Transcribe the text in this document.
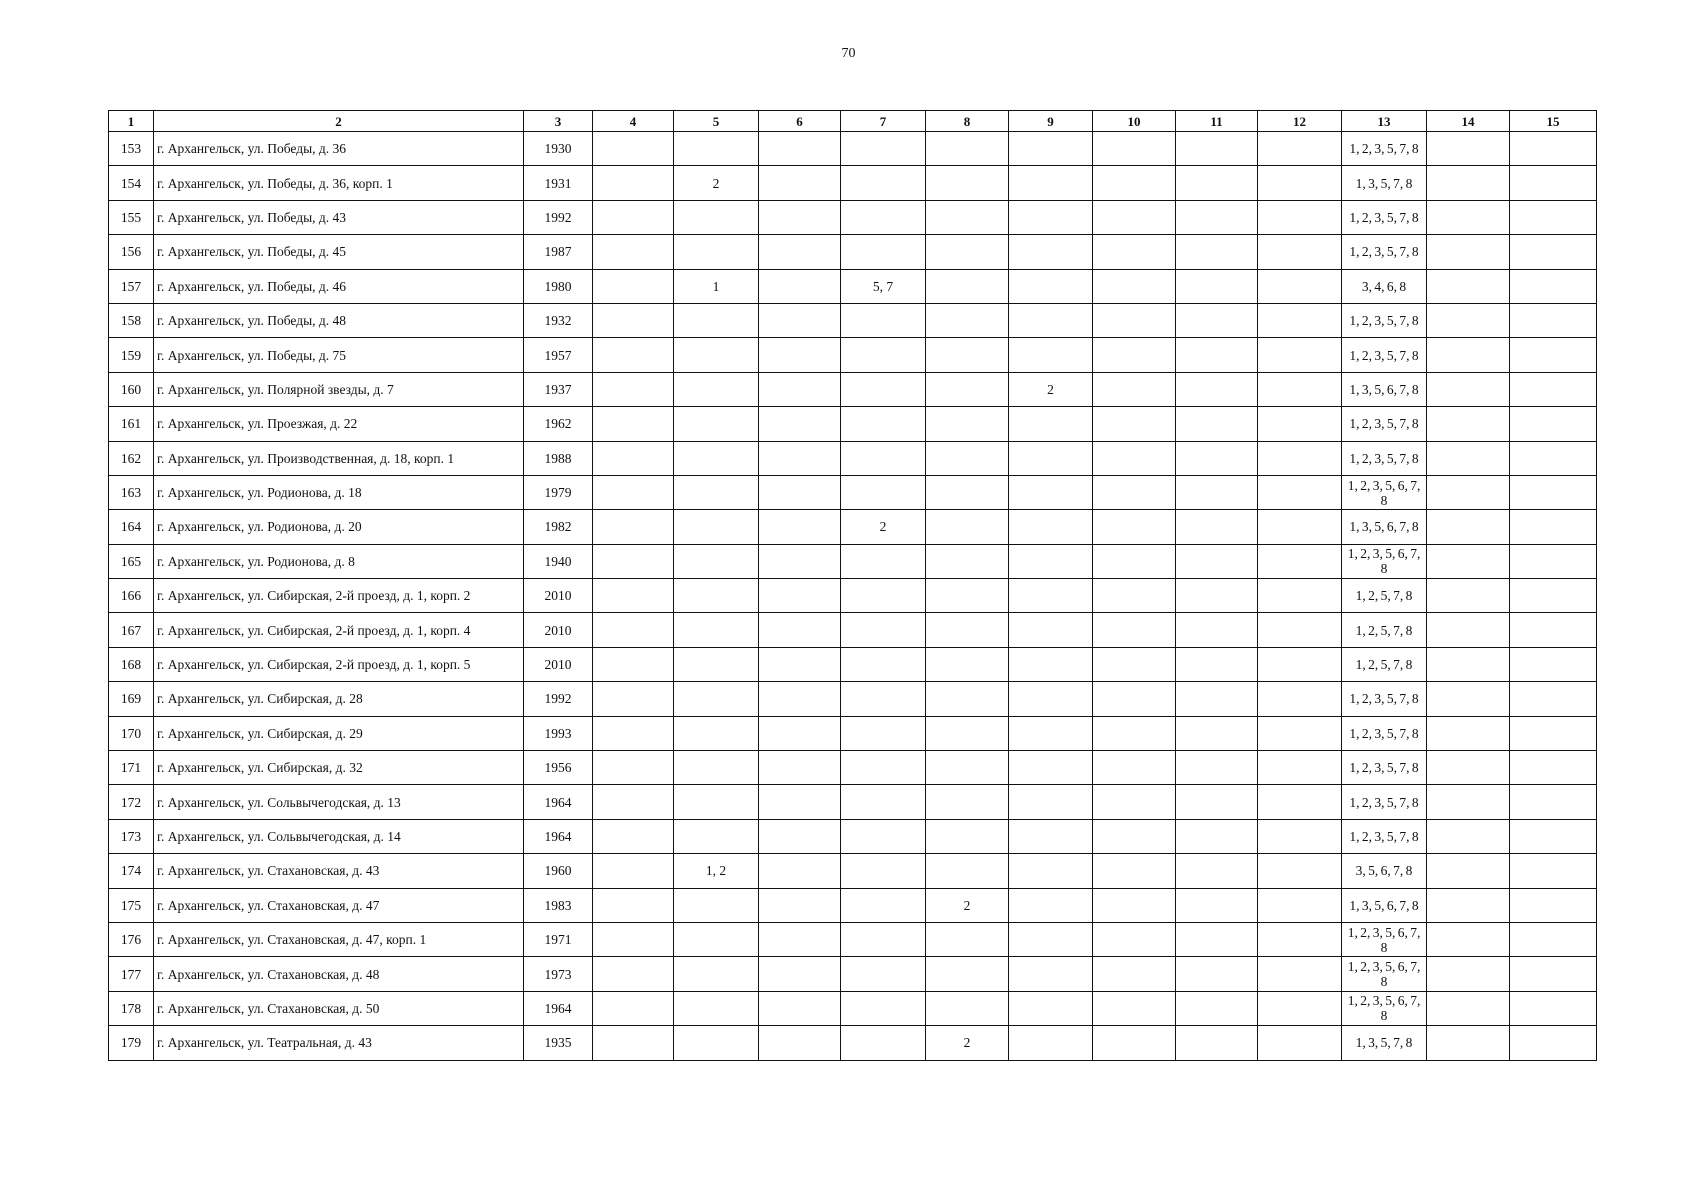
70
1	2	3	4	5	6	7	8	9	10	11	12	13	14	15
153	г. Архангельск, ул. Победы, д. 36	1930										1, 2, 3, 5, 7, 8		
154	г. Архангельск, ул. Победы, д. 36, корп. 1	1931		2								1, 3, 5, 7, 8		
155	г. Архангельск, ул. Победы, д. 43	1992										1, 2, 3, 5, 7, 8		
156	г. Архангельск, ул. Победы, д. 45	1987										1, 2, 3, 5, 7, 8		
157	г. Архангельск, ул. Победы, д. 46	1980		1		5, 7						3, 4, 6, 8		
158	г. Архангельск, ул. Победы, д. 48	1932										1, 2, 3, 5, 7, 8		
159	г. Архангельск, ул. Победы, д. 75	1957										1, 2, 3, 5, 7, 8		
160	г. Архангельск, ул. Полярной звезды, д. 7	1937						2				1, 3, 5, 6, 7, 8		
161	г. Архангельск, ул. Проезжая, д. 22	1962										1, 2, 3, 5, 7, 8		
162	г. Архангельск, ул. Производственная, д. 18, корп. 1	1988										1, 2, 3, 5, 7, 8		
163	г. Архангельск, ул. Родионова, д. 18	1979										1, 2, 3, 5, 6, 7, 8		
164	г. Архангельск, ул. Родионова, д. 20	1982				2						1, 3, 5, 6, 7, 8		
165	г. Архангельск, ул. Родионова, д. 8	1940										1, 2, 3, 5, 6, 7, 8		
166	г. Архангельск, ул. Сибирская, 2-й проезд, д. 1, корп. 2	2010										1, 2, 5, 7, 8		
167	г. Архангельск, ул. Сибирская, 2-й проезд, д. 1, корп. 4	2010										1, 2, 5, 7, 8		
168	г. Архангельск, ул. Сибирская, 2-й проезд, д. 1, корп. 5	2010										1, 2, 5, 7, 8		
169	г. Архангельск, ул. Сибирская, д. 28	1992										1, 2, 3, 5, 7, 8		
170	г. Архангельск, ул. Сибирская, д. 29	1993										1, 2, 3, 5, 7, 8		
171	г. Архангельск, ул. Сибирская, д. 32	1956										1, 2, 3, 5, 7, 8		
172	г. Архангельск, ул. Сольвычегодская, д. 13	1964										1, 2, 3, 5, 7, 8		
173	г. Архангельск, ул. Сольвычегодская, д. 14	1964										1, 2, 3, 5, 7, 8		
174	г. Архангельск, ул. Стахановская, д. 43	1960		1, 2								3, 5, 6, 7, 8		
175	г. Архангельск, ул. Стахановская, д. 47	1983					2					1, 3, 5, 6, 7, 8		
176	г. Архангельск, ул. Стахановская, д. 47, корп. 1	1971										1, 2, 3, 5, 6, 7, 8		
177	г. Архангельск, ул. Стахановская, д. 48	1973										1, 2, 3, 5, 6, 7, 8		
178	г. Архангельск, ул. Стахановская, д. 50	1964										1, 2, 3, 5, 6, 7, 8		
179	г. Архангельск, ул. Театральная, д. 43	1935					2					1, 3, 5, 7, 8		
